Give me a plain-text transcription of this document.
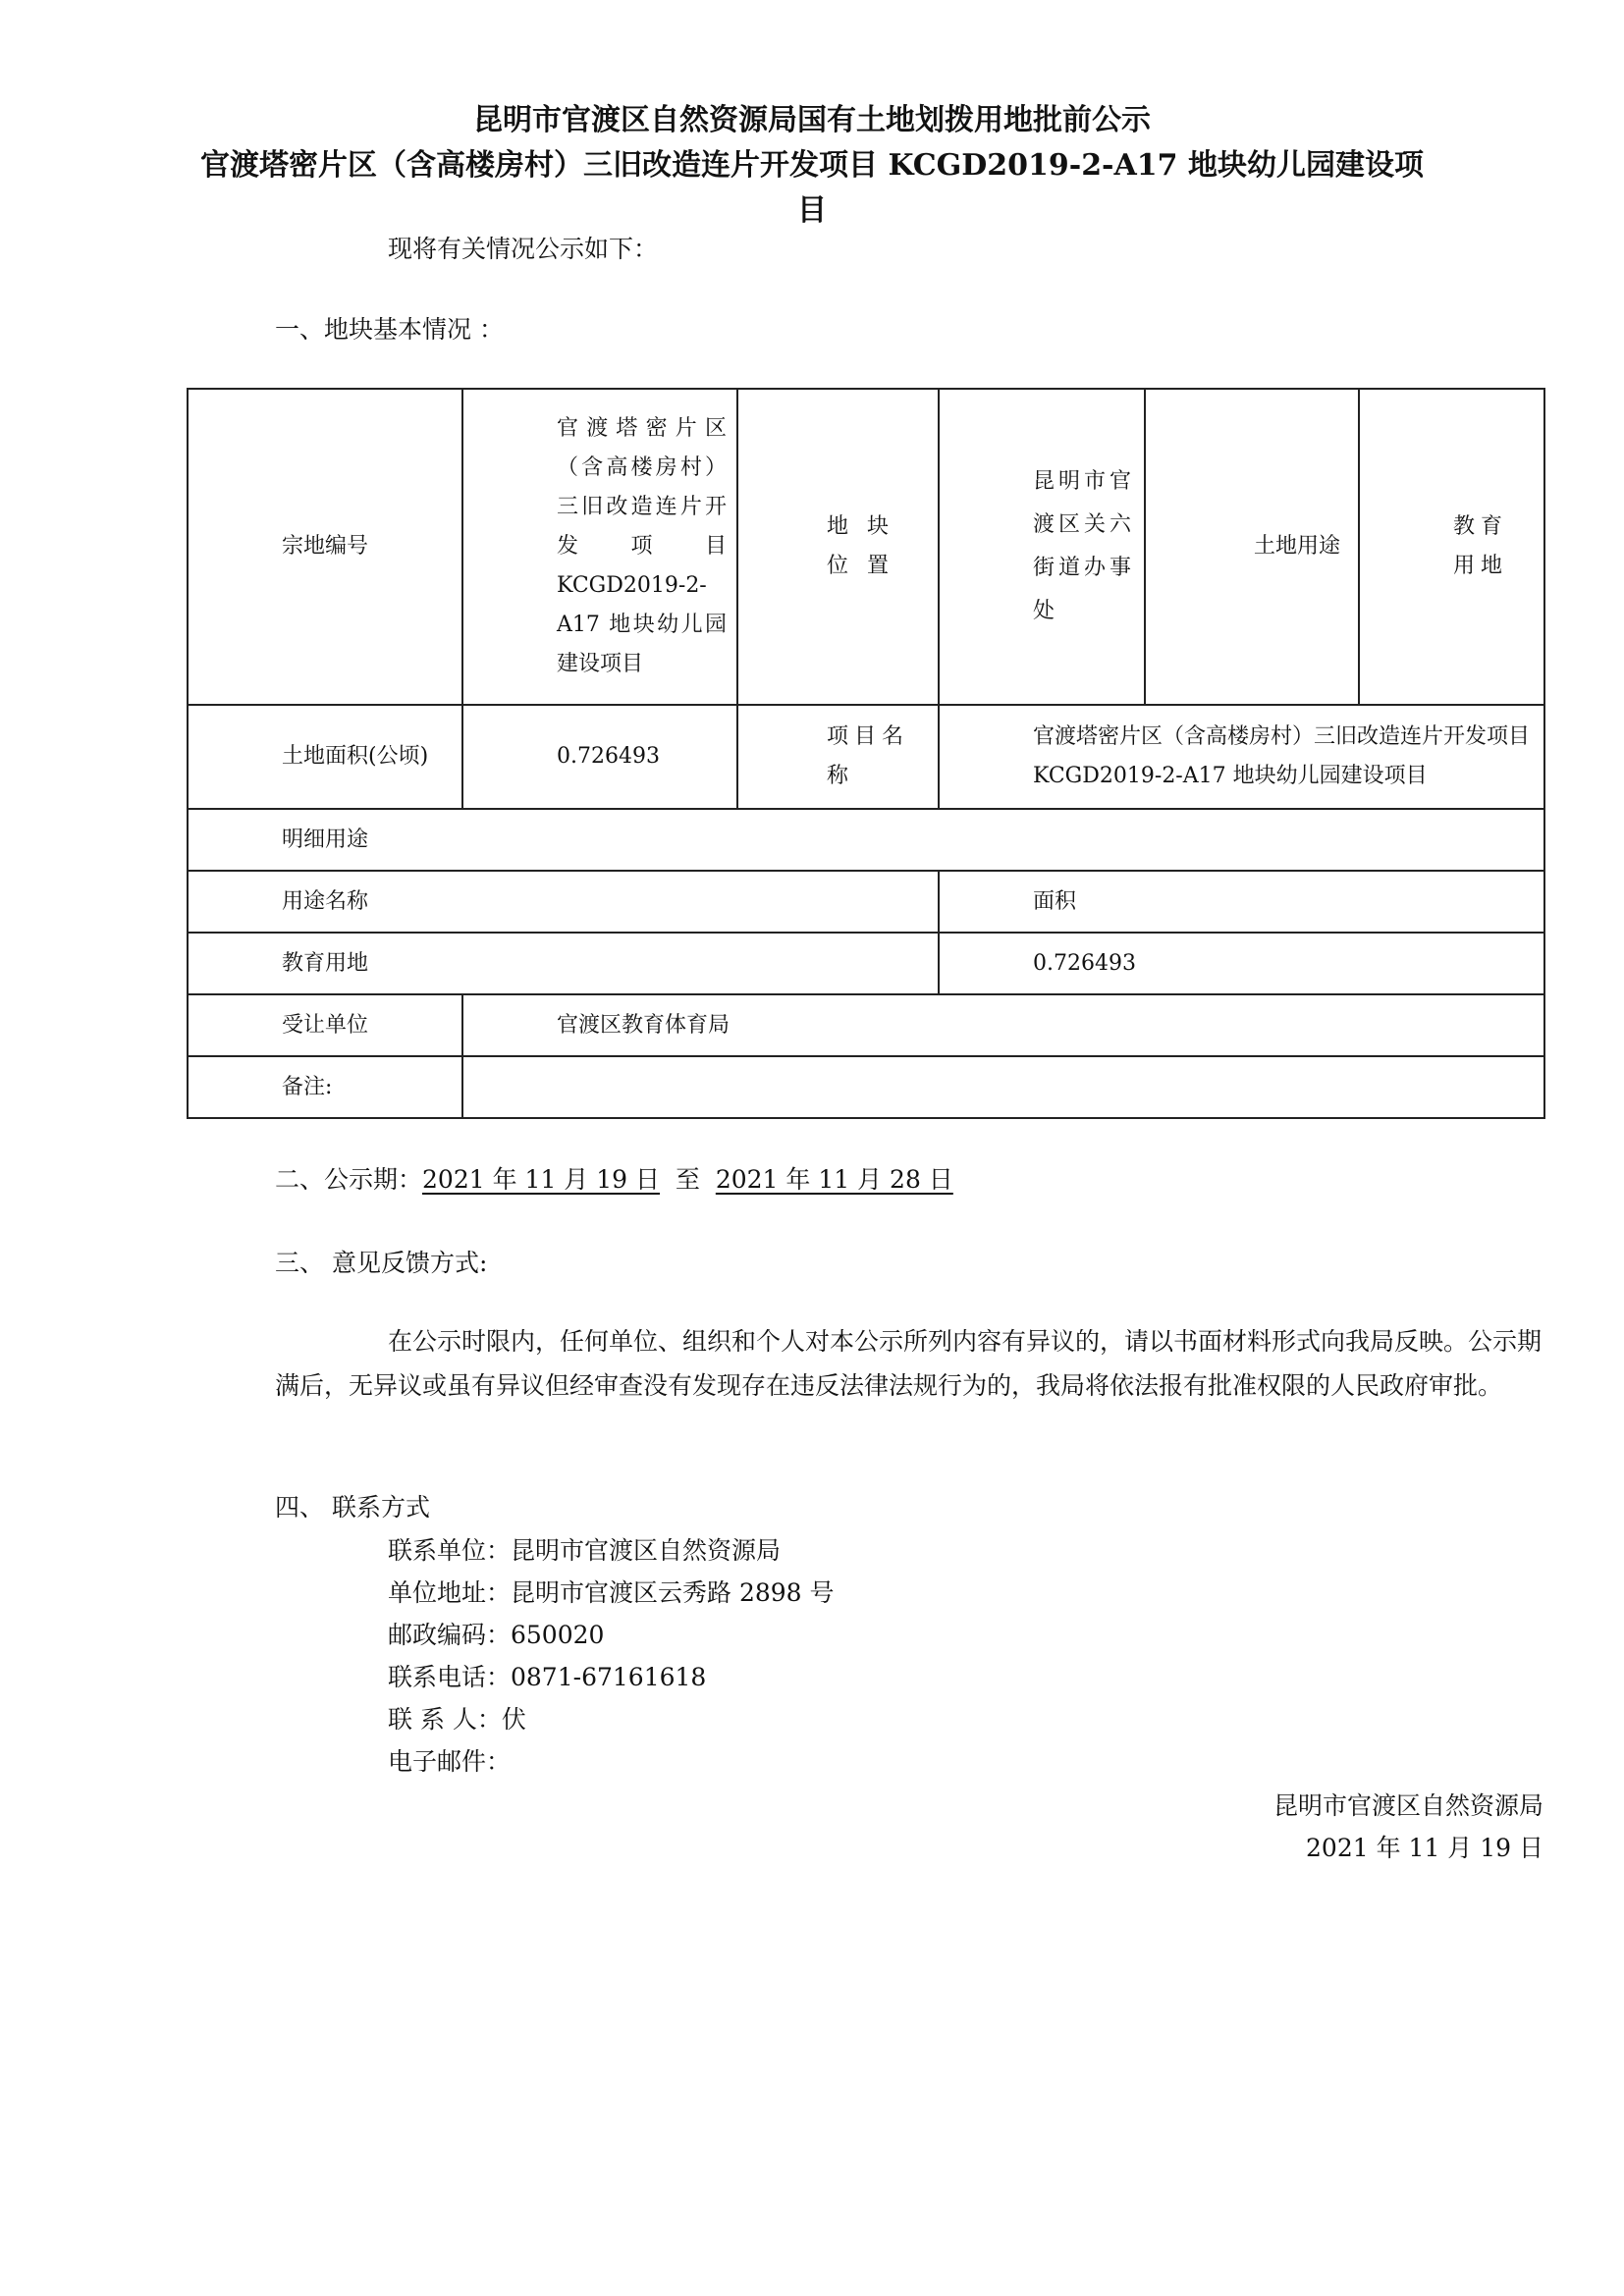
昆明市官渡区自然资源局国有土地划拨用地批前公示
官渡塔密片区（含高楼房村）三旧改造连片开发项目 KCGD2019-2-A17 地块幼儿园建设项
目
现将有关情况公示如下：
一、地块基本情况 ：
宗地编号	官渡塔密片区（含高楼房村）三旧改造连片开发项目 KCGD2019-2-A17 地块幼儿园建设项目	地 块 位 置	昆明市官渡区关六街道办事处	土地用途	教育用地
土地面积(公顷)	0.726493	项目名称	官渡塔密片区（含高楼房村）三旧改造连片开发项目 KCGD2019-2-A17 地块幼儿园建设项目		
明细用途					
用途名称			面积		
教育用地			0.726493		
受让单位	官渡区教育体育局				
备注:					
二、公示期：2021 年 11 月 19 日 至 2021 年 11 月 28 日
三、 意见反馈方式:
在公示时限内，任何单位、组织和个人对本公示所列内容有异议的，请以书面材料形式向我局反映。公示期满后，无异议或虽有异议但经审查没有发现存在违反法律法规行为的，我局将依法报有批准权限的人民政府审批。
四、 联系方式
联系单位：昆明市官渡区自然资源局
单位地址：昆明市官渡区云秀路 2898 号
邮政编码：650020
联系电话：0871-67161618
联 系 人：伏
电子邮件：
昆明市官渡区自然资源局
2021 年 11 月 19 日
